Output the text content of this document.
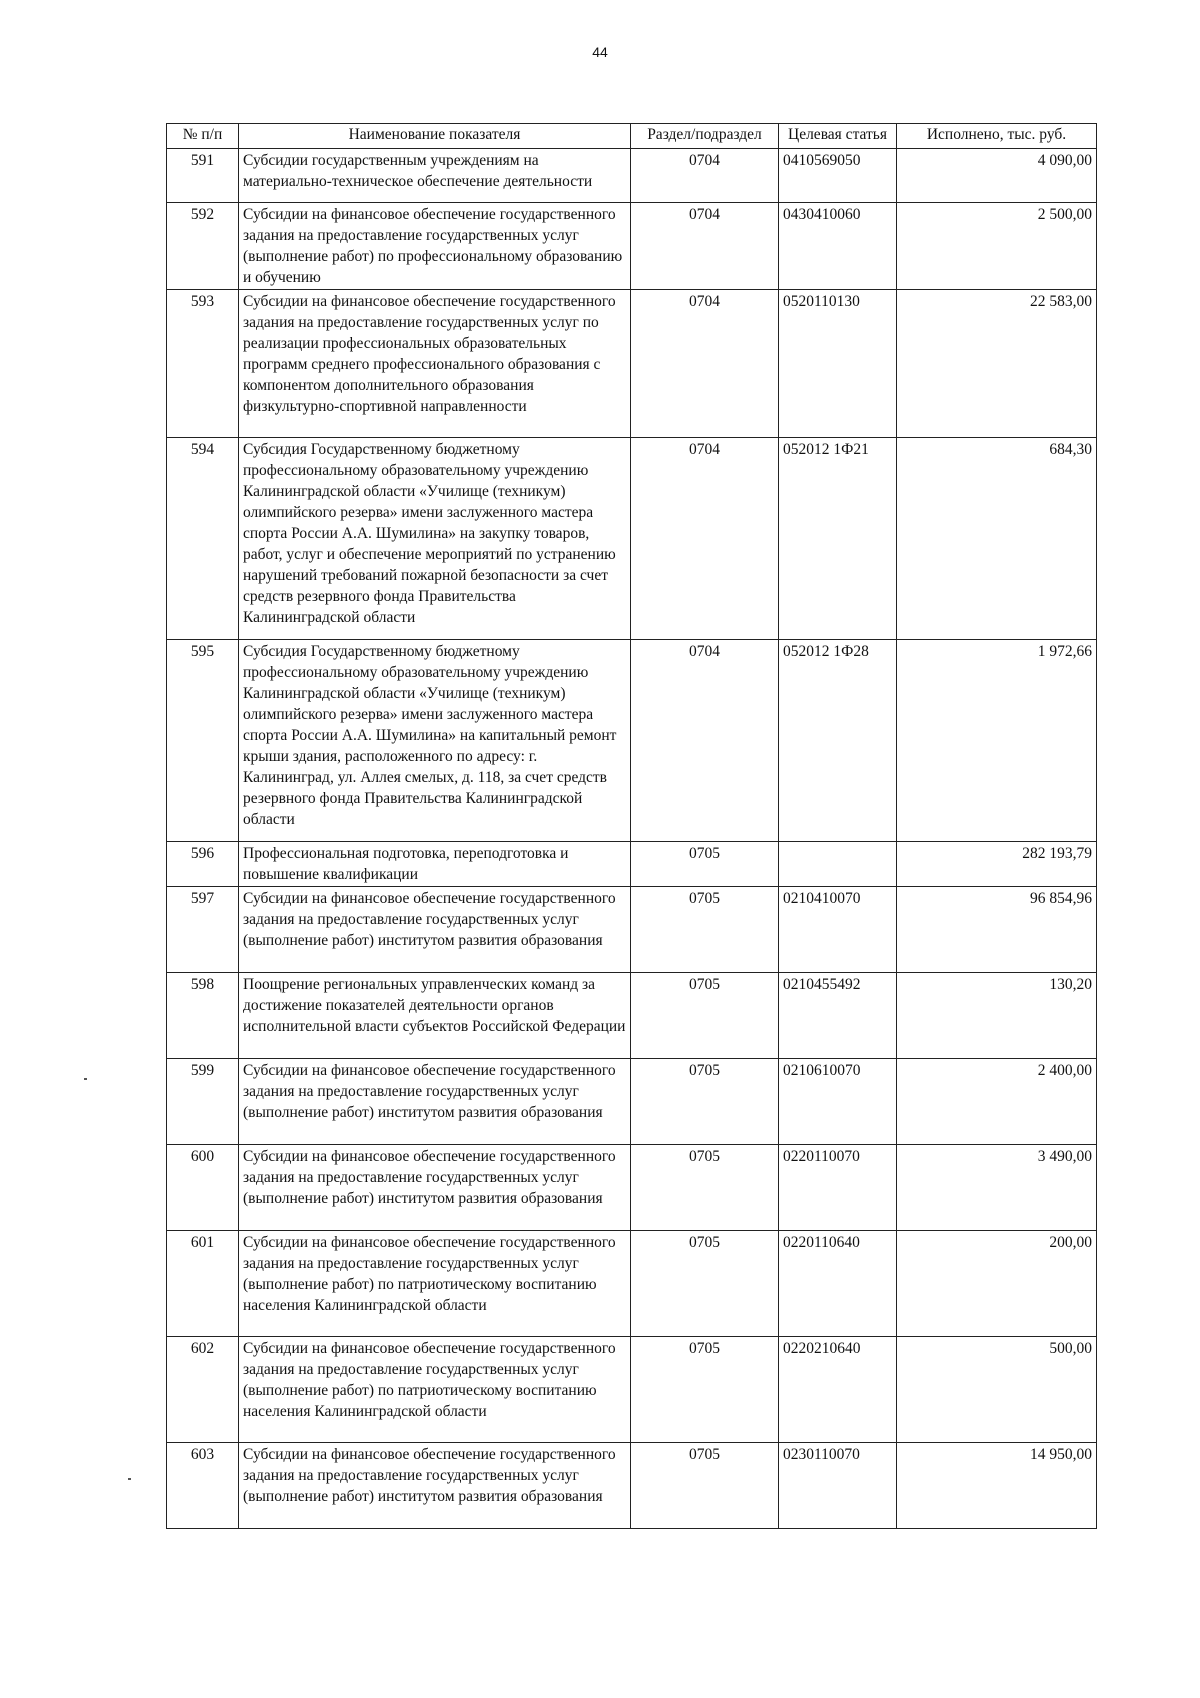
44
№ п/п	Наименование показателя	Раздел/подраздел	Целевая статья	Исполнено, тыс. руб.
591	Субсидии государственным учреждениям на материально-техническое обеспечение деятельности	0704	0410569050	4 090,00
592	Субсидии на финансовое обеспечение государственного задания на предоставление государственных услуг (выполнение работ) по профессиональному образованию и обучению	0704	0430410060	2 500,00
593	Субсидии на финансовое обеспечение государственного задания на предоставление государственных услуг по реализации профессиональных образовательных программ среднего профессионального образования с компонентом дополнительного образования физкультурно-спортивной направленности	0704	0520110130	22 583,00
594	Субсидия Государственному бюджетному профессиональному образовательному учреждению Калининградской области «Училище (техникум) олимпийского резерва» имени заслуженного мастера спорта России А.А. Шумилина» на закупку товаров, работ, услуг и обеспечение мероприятий по устранению нарушений требований пожарной безопасности за счет средств резервного фонда Правительства Калининградской области	0704	052012 1Ф21	684,30
595	Субсидия Государственному бюджетному профессиональному образовательному учреждению Калининградской области «Училище (техникум) олимпийского резерва» имени заслуженного мастера спорта России А.А. Шумилина» на капитальный ремонт крыши здания, расположенного по адресу: г. Калининград, ул. Аллея смелых, д. 118, за счет средств резервного фонда Правительства Калининградской области	0704	052012 1Ф28	1 972,66
596	Профессиональная подготовка, переподготовка и повышение квалификации	0705		282 193,79
597	Субсидии на финансовое обеспечение государственного задания на предоставление государственных услуг (выполнение работ) институтом развития образования	0705	0210410070	96 854,96
598	Поощрение региональных управленческих команд за достижение показателей деятельности органов исполнительной власти субъектов Российской Федерации	0705	0210455492	130,20
599	Субсидии на финансовое обеспечение государственного задания на предоставление государственных услуг (выполнение работ) институтом развития образования	0705	0210610070	2 400,00
600	Субсидии на финансовое обеспечение государственного задания на предоставление государственных услуг (выполнение работ) институтом развития образования	0705	0220110070	3 490,00
601	Субсидии на финансовое обеспечение государственного задания на предоставление государственных услуг (выполнение работ) по патриотическому воспитанию населения Калининградской области	0705	0220110640	200,00
602	Субсидии на финансовое обеспечение государственного задания на предоставление государственных услуг (выполнение работ) по патриотическому воспитанию населения Калининградской области	0705	0220210640	500,00
603	Субсидии на финансовое обеспечение государственного задания на предоставление государственных услуг (выполнение работ) институтом развития образования	0705	0230110070	14 950,00
